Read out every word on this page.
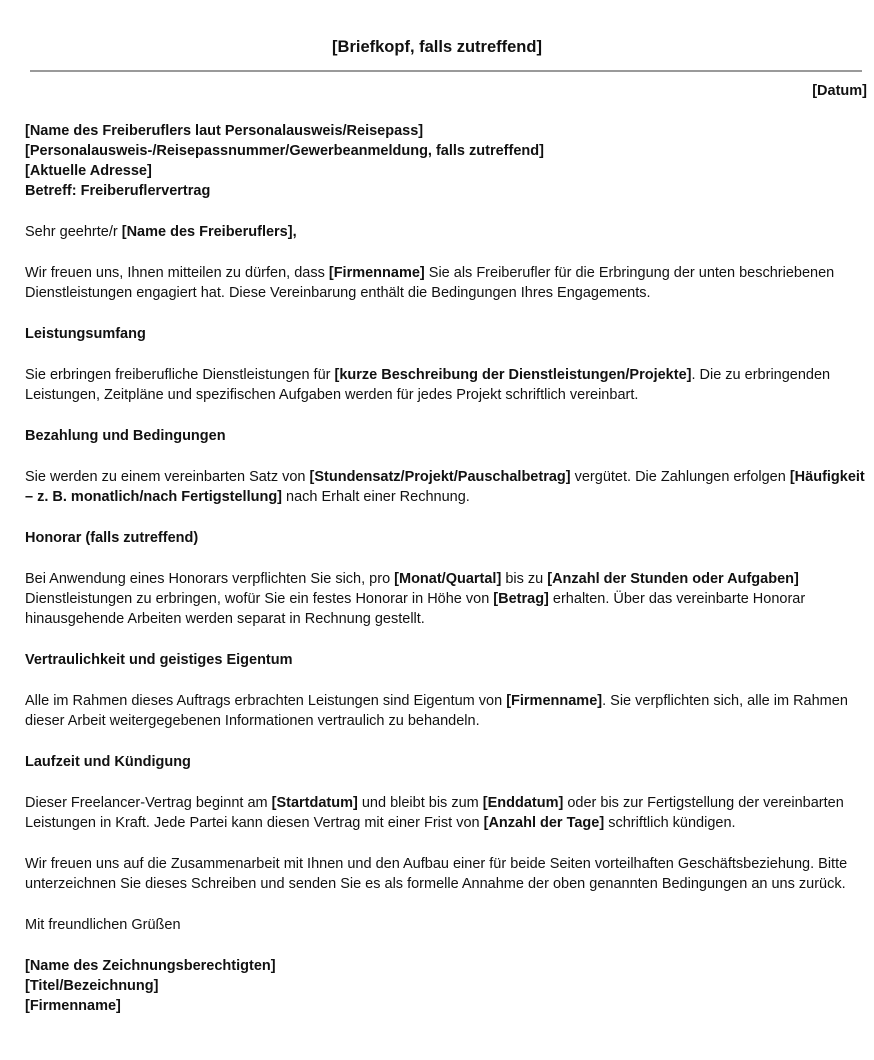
[Briefkopf, falls zutreffend]
[Datum]

[Name des Freiberuflers laut Personalausweis/Reisepass]

[Personalausweis-/Reisepassnummer/Gewerbeanmeldung, falls zutreffend]

[Aktuelle Adresse]

Betreff: Freiberuflervertrag

Sehr geehrte/r [Name des Freiberuflers],

Wir freuen uns, Ihnen mitteilen zu dürfen, dass [Firmenname] Sie als Freiberufler für die Erbringung der unten beschriebenen Dienstleistungen engagiert hat. Diese Vereinbarung enthält die Bedingungen Ihres Engagements.

Leistungsumfang

Sie erbringen freiberufliche Dienstleistungen für [kurze Beschreibung der Dienstleistungen/Projekte]. Die zu erbringenden Leistungen, Zeitpläne und spezifischen Aufgaben werden für jedes Projekt schriftlich vereinbart.

Bezahlung und Bedingungen

Sie werden zu einem vereinbarten Satz von [Stundensatz/Projekt/Pauschalbetrag] vergütet. Die Zahlungen erfolgen [Häufigkeit – z. B. monatlich/nach Fertigstellung] nach Erhalt einer Rechnung.

Honorar (falls zutreffend)

Bei Anwendung eines Honorars verpflichten Sie sich, pro [Monat/Quartal] bis zu [Anzahl der Stunden oder Aufgaben] Dienstleistungen zu erbringen, wofür Sie ein festes Honorar in Höhe von [Betrag] erhalten. Über das vereinbarte Honorar hinausgehende Arbeiten werden separat in Rechnung gestellt.

Vertraulichkeit und geistiges Eigentum

Alle im Rahmen dieses Auftrags erbrachten Leistungen sind Eigentum von [Firmenname]. Sie verpflichten sich, alle im Rahmen dieser Arbeit weitergegebenen Informationen vertraulich zu behandeln.

Laufzeit und Kündigung

Dieser Freelancer-Vertrag beginnt am [Startdatum] und bleibt bis zum [Enddatum] oder bis zur Fertigstellung der vereinbarten Leistungen in Kraft. Jede Partei kann diesen Vertrag mit einer Frist von [Anzahl der Tage] schriftlich kündigen.

Wir freuen uns auf die Zusammenarbeit mit Ihnen und den Aufbau einer für beide Seiten vorteilhaften Geschäftsbeziehung. Bitte unterzeichnen Sie dieses Schreiben und senden Sie es als formelle Annahme der oben genannten Bedingungen an uns zurück.

Mit freundlichen Grüßen

[Name des Zeichnungsberechtigten]

[Titel/Bezeichnung]

[Firmenname]
